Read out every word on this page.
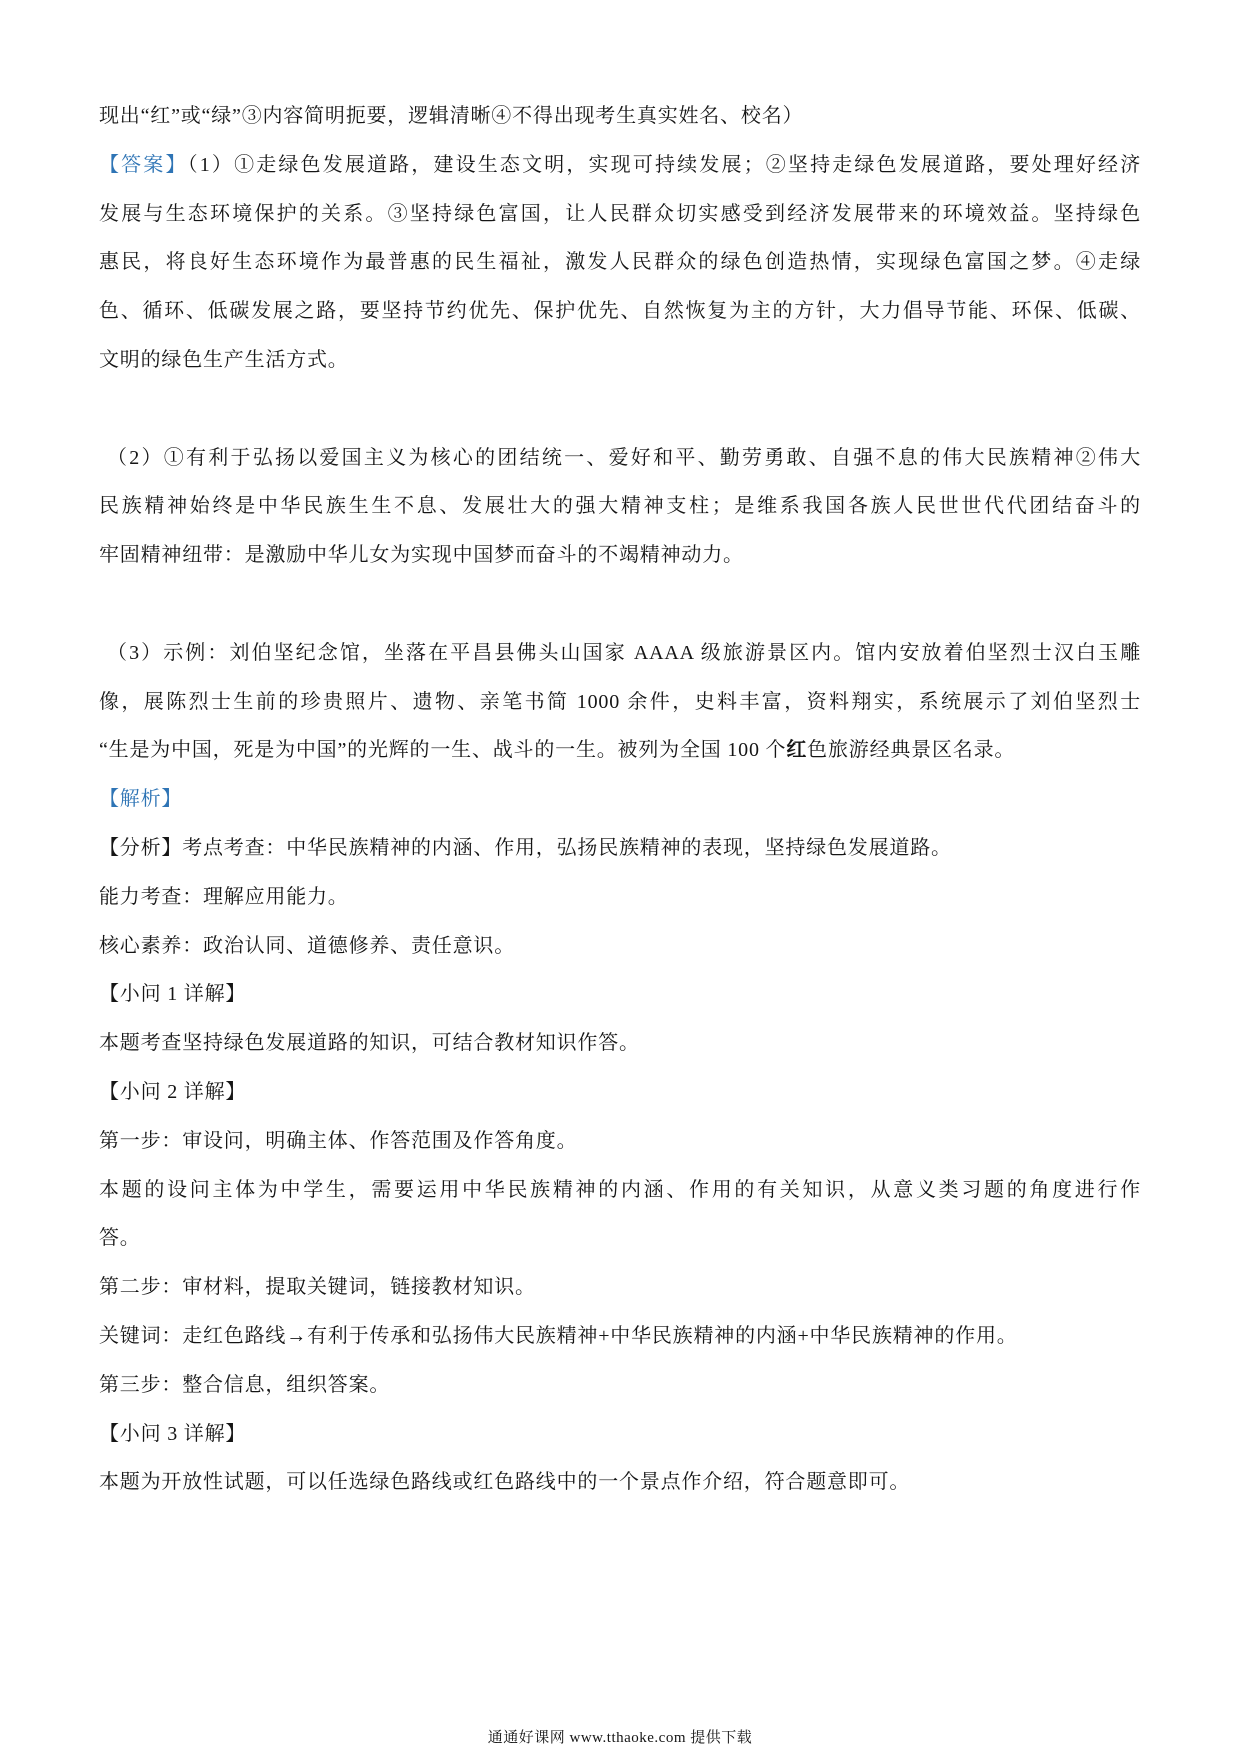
现出“红”或“绿”③内容简明扼要，逻辑清晰④不得出现考生真实姓名、校名）
【答案】（1）①走绿色发展道路，建设生态文明，实现可持续发展；②坚持走绿色发展道路，要处理好经济
发展与生态环境保护的关系。③坚持绿色富国，让人民群众切实感受到经济发展带来的环境效益。坚持绿色
惠民，将良好生态环境作为最普惠的民生福祉，激发人民群众的绿色创造热情，实现绿色富国之梦。④走绿
色、循环、低碳发展之路，要坚持节约优先、保护优先、自然恢复为主的方针，大力倡导节能、环保、低碳、
文明的绿色生产生活方式。
（2）①有利于弘扬以爱国主义为核心的团结统一、爱好和平、勤劳勇敢、自强不息的伟大民族精神②伟大
民族精神始终是中华民族生生不息、发展壮大的强大精神支柱；是维系我国各族人民世世代代团结奋斗的
牢固精神纽带：是激励中华儿女为实现中国梦而奋斗的不竭精神动力。
（3）示例：刘伯坚纪念馆，坐落在平昌县佛头山国家 AAAA 级旅游景区内。馆内安放着伯坚烈士汉白玉雕
像，展陈烈士生前的珍贵照片、遗物、亲笔书简 1000 余件，史料丰富，资料翔实，系统展示了刘伯坚烈士
“生是为中国，死是为中国”的光辉的一生、战斗的一生。被列为全国 100 个红色旅游经典景区名录。
【解析】
【分析】考点考查：中华民族精神的内涵、作用，弘扬民族精神的表现，坚持绿色发展道路。
能力考查：理解应用能力。
核心素养：政治认同、道德修养、责任意识。
【小问 1 详解】
本题考查坚持绿色发展道路的知识，可结合教材知识作答。
【小问 2 详解】
第一步：审设问，明确主体、作答范围及作答角度。
本题的设问主体为中学生，需要运用中华民族精神的内涵、作用的有关知识，从意义类习题的角度进行作
答。
第二步：审材料，提取关键词，链接教材知识。
关键词：走红色路线→有利于传承和弘扬伟大民族精神+中华民族精神的内涵+中华民族精神的作用。
第三步：整合信息，组织答案。
【小问 3 详解】
本题为开放性试题，可以任选绿色路线或红色路线中的一个景点作介绍，符合题意即可。
通通好课网 www.tthaoke.com 提供下载
